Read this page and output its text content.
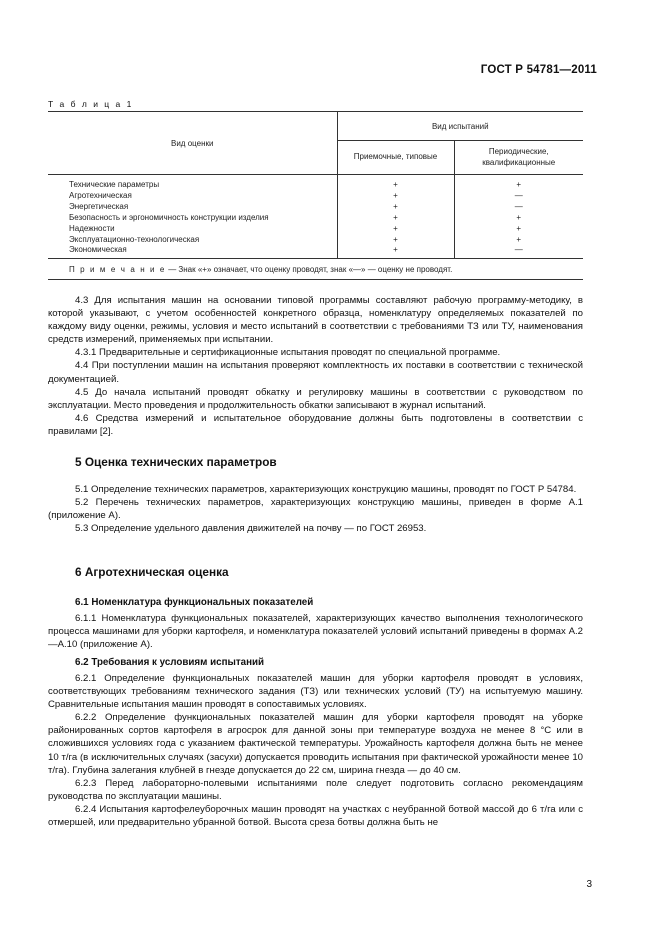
ГОСТ Р 54781—2011
Т а б л и ц а 1
Вид оценки	Вид испытаний	
	Приемочные, типовые	Периодические, квалификационные
Технические параметры	+	+
Агротехническая	+	—
Энергетическая	+	—
Безопасность и эргономичность конструкции изделия	+	+
Надежности	+	+
Эксплуатационно-технологическая	+	+
Экономическая	+	—
П р и м е ч а н и е — Знак «+» означает, что оценку проводят, знак «—» — оценку не проводят.		

4.3 Для испытания машин на основании типовой программы составляют рабочую программу-методику, в которой указывают, с учетом особенностей конкретного образца, номенклатуру определяемых показателей по каждому виду оценки, режимы, условия и место испытаний в соответствии с требованиями ТЗ или ТУ, наименования средств измерений, применяемых при испытании.

4.3.1 Предварительные и сертификационные испытания проводят по специальной программе.

4.4 При поступлении машин на испытания проверяют комплектность их поставки в соответствии с технической документацией.

4.5 До начала испытаний проводят обкатку и регулировку машины в соответствии с руководством по эксплуатации. Место проведения и продолжительность обкатки записывают в журнал испытаний.

4.6 Средства измерений и испытательное оборудование должны быть подготовлены в соответствии с правилами [2].

5 Оценка технических параметров

5.1 Определение технических параметров, характеризующих конструкцию машины, проводят по ГОСТ Р 54784.

5.2 Перечень технических параметров, характеризующих конструкцию машины, приведен в форме А.1 (приложение А).

5.3 Определение удельного давления движителей на почву — по ГОСТ 26953.

6 Агротехническая оценка
6.1 Номенклатура функциональных показателей

6.1.1 Номенклатура функциональных показателей, характеризующих качество выполнения технологического процесса машинами для уборки картофеля, и номенклатура показателей условий испытаний приведены в формах А.2—А.10 (приложение А).

6.2 Требования к условиям испытаний

6.2.1 Определение функциональных показателей машин для уборки картофеля проводят в условиях, соответствующих требованиям технического задания (ТЗ) или технических условий (ТУ) на испытуемую машину. Сравнительные испытания машин проводят в сопоставимых условиях.

6.2.2 Определение функциональных показателей машин для уборки картофеля проводят на уборке районированных сортов картофеля в агросрок для данной зоны при температуре воздуха не менее 8 °С или в сложившихся условиях года с указанием фактической температуры. Урожайность картофеля должна быть не менее 10 т/га (в исключительных случаях (засухи) допускается проводить испытания при фактической урожайности менее 10 т/га). Глубина залегания клубней в гнезде допускается до 22 см, ширина гнезда — до 40 см.

6.2.3 Перед лабораторно-полевыми испытаниями поле следует подготовить согласно рекомендациям руководства по эксплуатации машины.

6.2.4 Испытания картофелеуборочных машин проводят на участках с неубранной ботвой массой до 6 т/га или с отмершей, или предварительно убранной ботвой. Высота среза ботвы должна быть не

3
